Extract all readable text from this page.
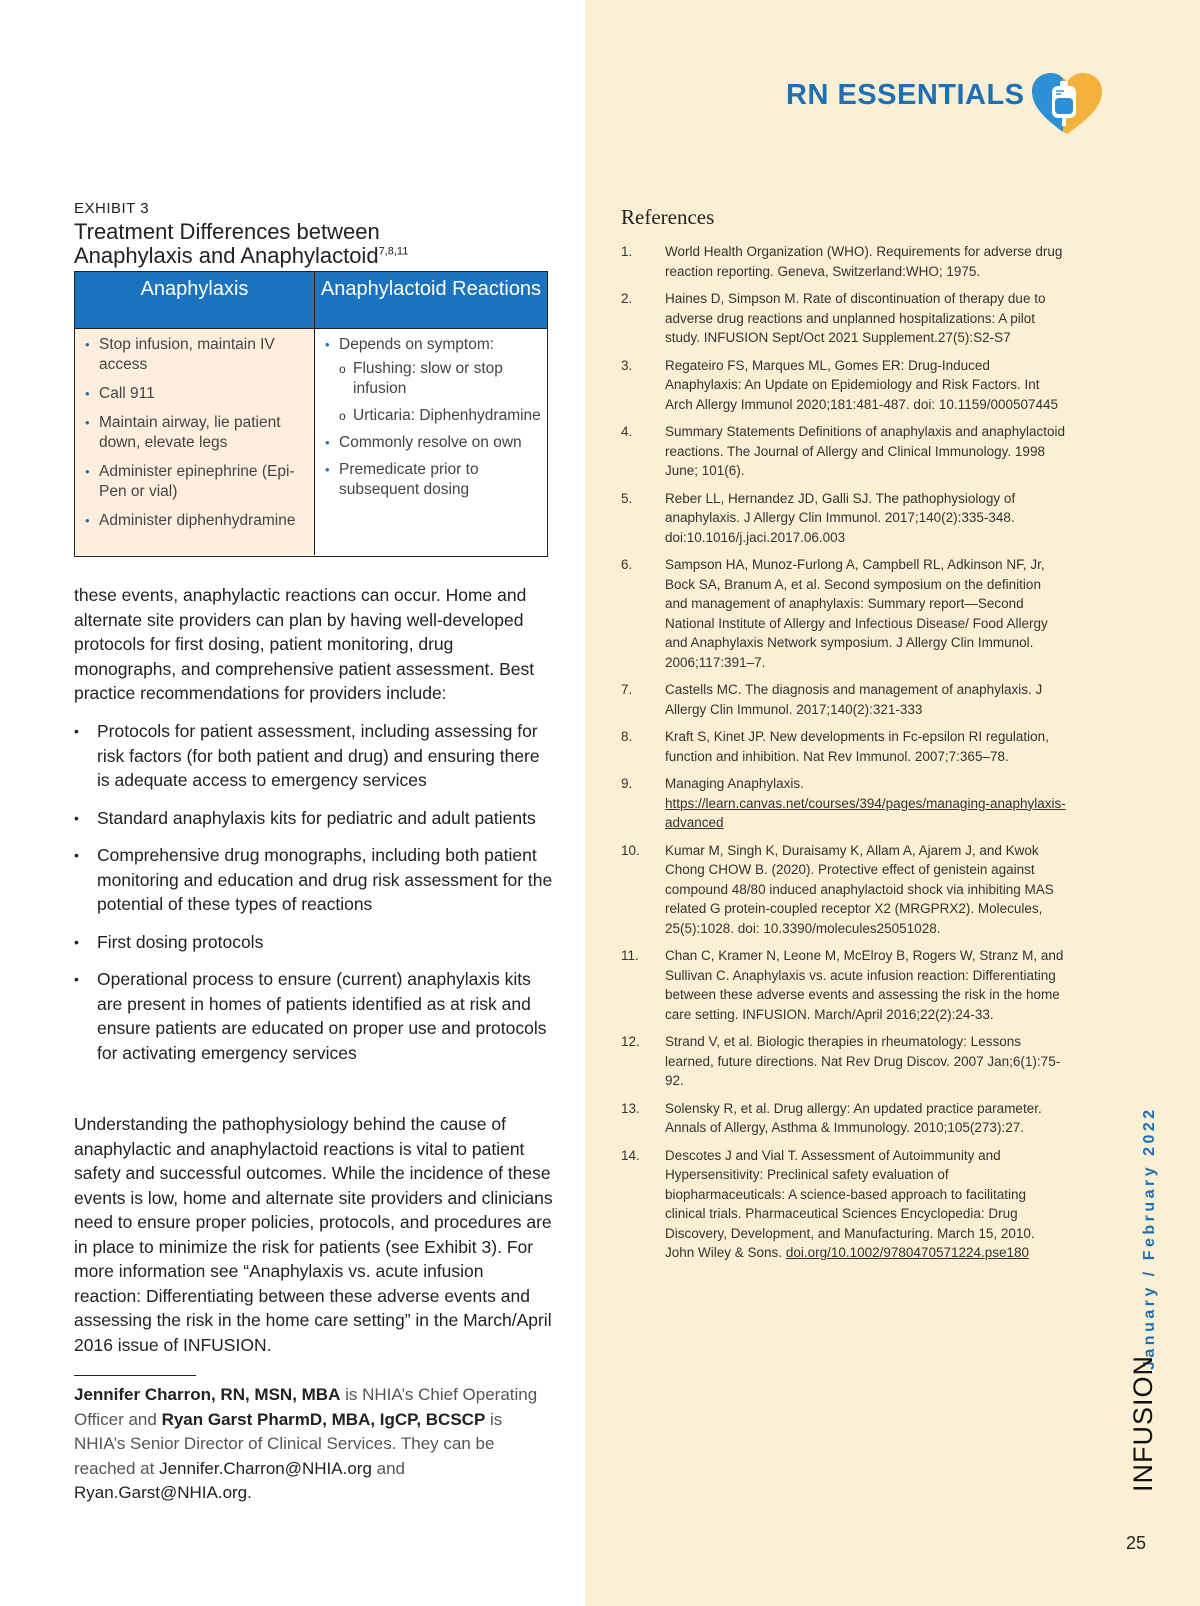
RN ESSENTIALS
EXHIBIT 3
Treatment Differences between
Anaphylaxis and Anaphylactoid$^{7,8,11}$
Anaphylaxis	Anaphylactoid Reactions
• Stop infusion, maintain IV access
• Call 911
• Maintain airway, lie patient down, elevate legs
• Administer epinephrine (Epi-Pen or vial)
• Administer diphenhydramine
• Depends on symptom:
o Flushing: slow or stop infusion
o Urticaria: Diphenhydramine
• Commonly resolve on own
• Premedicate prior to subsequent dosing

these events, anaphylactic reactions can occur. Home and alternate site providers can plan by having well-developed protocols for first dosing, patient monitoring, drug monographs, and comprehensive patient assessment. Best practice recommendations for providers include:

• Protocols for patient assessment, including assessing for risk factors (for both patient and drug) and ensuring there is adequate access to emergency services
• Standard anaphylaxis kits for pediatric and adult patients
• Comprehensive drug monographs, including both patient monitoring and education and drug risk assessment for the potential of these types of reactions
• First dosing protocols
• Operational process to ensure (current) anaphylaxis kits are present in homes of patients identified as at risk and ensure patients are educated on proper use and protocols for activating emergency services

Understanding the pathophysiology behind the cause of anaphylactic and anaphylactoid reactions is vital to patient safety and successful outcomes. While the incidence of these events is low, home and alternate site providers and clinicians need to ensure proper policies, protocols, and procedures are in place to minimize the risk for patients (see Exhibit 3). For more information see “Anaphylaxis vs. acute infusion reaction: Differentiating between these adverse events and assessing the risk in the home care setting” in the March/April 2016 issue of INFUSION.

Jennifer Charron, RN, MSN, MBA is NHIA’s Chief Operating Officer and Ryan Garst PharmD, MBA, IgCP, BCSCP is NHIA’s Senior Director of Clinical Services. They can be reached at Jennifer.Charron@NHIA.org and Ryan.Garst@NHIA.org.

References
1. World Health Organization (WHO). Requirements for adverse drug reaction reporting. Geneva, Switzerland:WHO; 1975.
2. Haines D, Simpson M. Rate of discontinuation of therapy due to adverse drug reactions and unplanned hospitalizations: A pilot study. INFUSION Sept/Oct 2021 Supplement.27(5):S2-S7
3. Regateiro FS, Marques ML, Gomes ER: Drug-Induced Anaphylaxis: An Update on Epidemiology and Risk Factors. Int Arch Allergy Immunol 2020;181:481-487. doi: 10.1159/000507445
4. Summary Statements Definitions of anaphylaxis and anaphylactoid reactions. The Journal of Allergy and Clinical Immunology. 1998 June; 101(6).
5. Reber LL, Hernandez JD, Galli SJ. The pathophysiology of anaphylaxis. J Allergy Clin Immunol. 2017;140(2):335-348. doi:10.1016/j.jaci.2017.06.003
6. Sampson HA, Munoz-Furlong A, Campbell RL, Adkinson NF, Jr, Bock SA, Branum A, et al. Second symposium on the definition and management of anaphylaxis: Summary report—Second National Institute of Allergy and Infectious Disease/ Food Allergy and Anaphylaxis Network symposium. J Allergy Clin Immunol. 2006;117:391–7.
7. Castells MC. The diagnosis and management of anaphylaxis. J Allergy Clin Immunol. 2017;140(2):321-333
8. Kraft S, Kinet JP. New developments in Fc-epsilon RI regulation, function and inhibition. Nat Rev Immunol. 2007;7:365–78.
9. Managing Anaphylaxis. https://learn.canvas.net/courses/394/pages/managing-anaphylaxis-advanced
10. Kumar M, Singh K, Duraisamy K, Allam A, Ajarem J, and Kwok Chong CHOW B. (2020). Protective effect of genistein against compound 48/80 induced anaphylactoid shock via inhibiting MAS related G protein-coupled receptor X2 (MRGPRX2). Molecules, 25(5):1028. doi: 10.3390/molecules25051028.
11. Chan C, Kramer N, Leone M, McElroy B, Rogers W, Stranz M, and Sullivan C. Anaphylaxis vs. acute infusion reaction: Differentiating between these adverse events and assessing the risk in the home care setting. INFUSION. March/April 2016;22(2):24-33.
12. Strand V, et al. Biologic therapies in rheumatology: Lessons learned, future directions. Nat Rev Drug Discov. 2007 Jan;6(1):75-92.
13. Solensky R, et al. Drug allergy: An updated practice parameter. Annals of Allergy, Asthma & Immunology. 2010;105(273):27.
14. Descotes J and Vial T. Assessment of Autoimmunity and Hypersensitivity: Preclinical safety evaluation of biopharmaceuticals: A science-based approach to facilitating clinical trials. Pharmaceutical Sciences Encyclopedia: Drug Discovery, Development, and Manufacturing. March 15, 2010. John Wiley & Sons. doi.org/10.1002/9780470571224.pse180	January / February 2022
INFUSION
25
